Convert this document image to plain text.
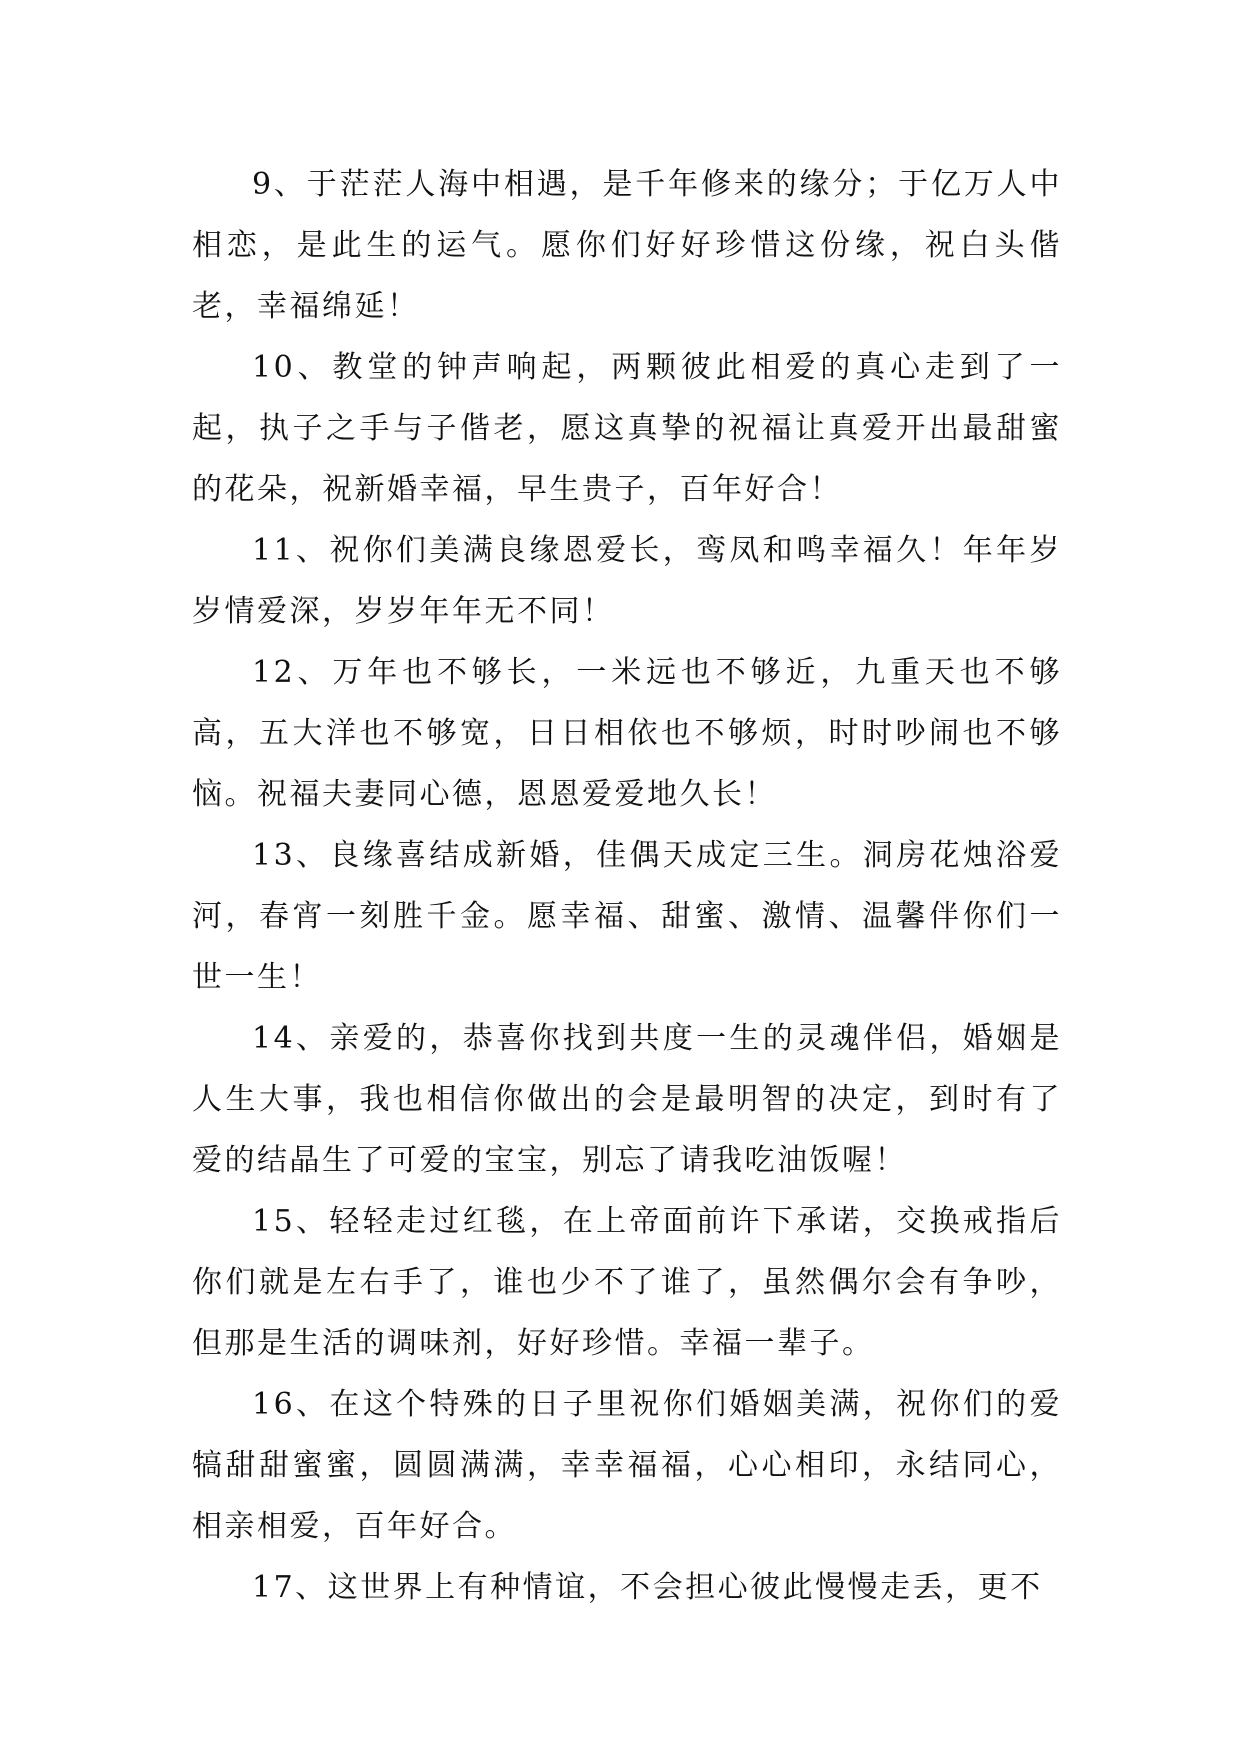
9、于茫茫人海中相遇，是千年修来的缘分；于亿万人中相恋，是此生的运气。愿你们好好珍惜这份缘，祝白头偕老，幸福绵延！

10、教堂的钟声响起，两颗彼此相爱的真心走到了一起，执子之手与子偕老，愿这真挚的祝福让真爱开出最甜蜜的花朵，祝新婚幸福，早生贵子，百年好合！

11、祝你们美满良缘恩爱长，鸾凤和鸣幸福久！年年岁岁情爱深，岁岁年年无不同！

12、万年也不够长，一米远也不够近，九重天也不够高，五大洋也不够宽，日日相依也不够烦，时时吵闹也不够恼。祝福夫妻同心德，恩恩爱爱地久长！

13、良缘喜结成新婚，佳偶天成定三生。洞房花烛浴爱河，春宵一刻胜千金。愿幸福、甜蜜、激情、温馨伴你们一世一生！

14、亲爱的，恭喜你找到共度一生的灵魂伴侣，婚姻是人生大事，我也相信你做出的会是最明智的决定，到时有了爱的结晶生了可爱的宝宝，别忘了请我吃油饭喔！

15、轻轻走过红毯，在上帝面前许下承诺，交换戒指后你们就是左右手了，谁也少不了谁了，虽然偶尔会有争吵，但那是生活的调味剂，好好珍惜。幸福一辈子。

16、在这个特殊的日子里祝你们婚姻美满，祝你们的爱犒甜甜蜜蜜，圆圆满满，幸幸福福，心心相印，永结同心，相亲相爱，百年好合。

17、这世界上有种情谊，不会担心彼此慢慢走丢，更不
